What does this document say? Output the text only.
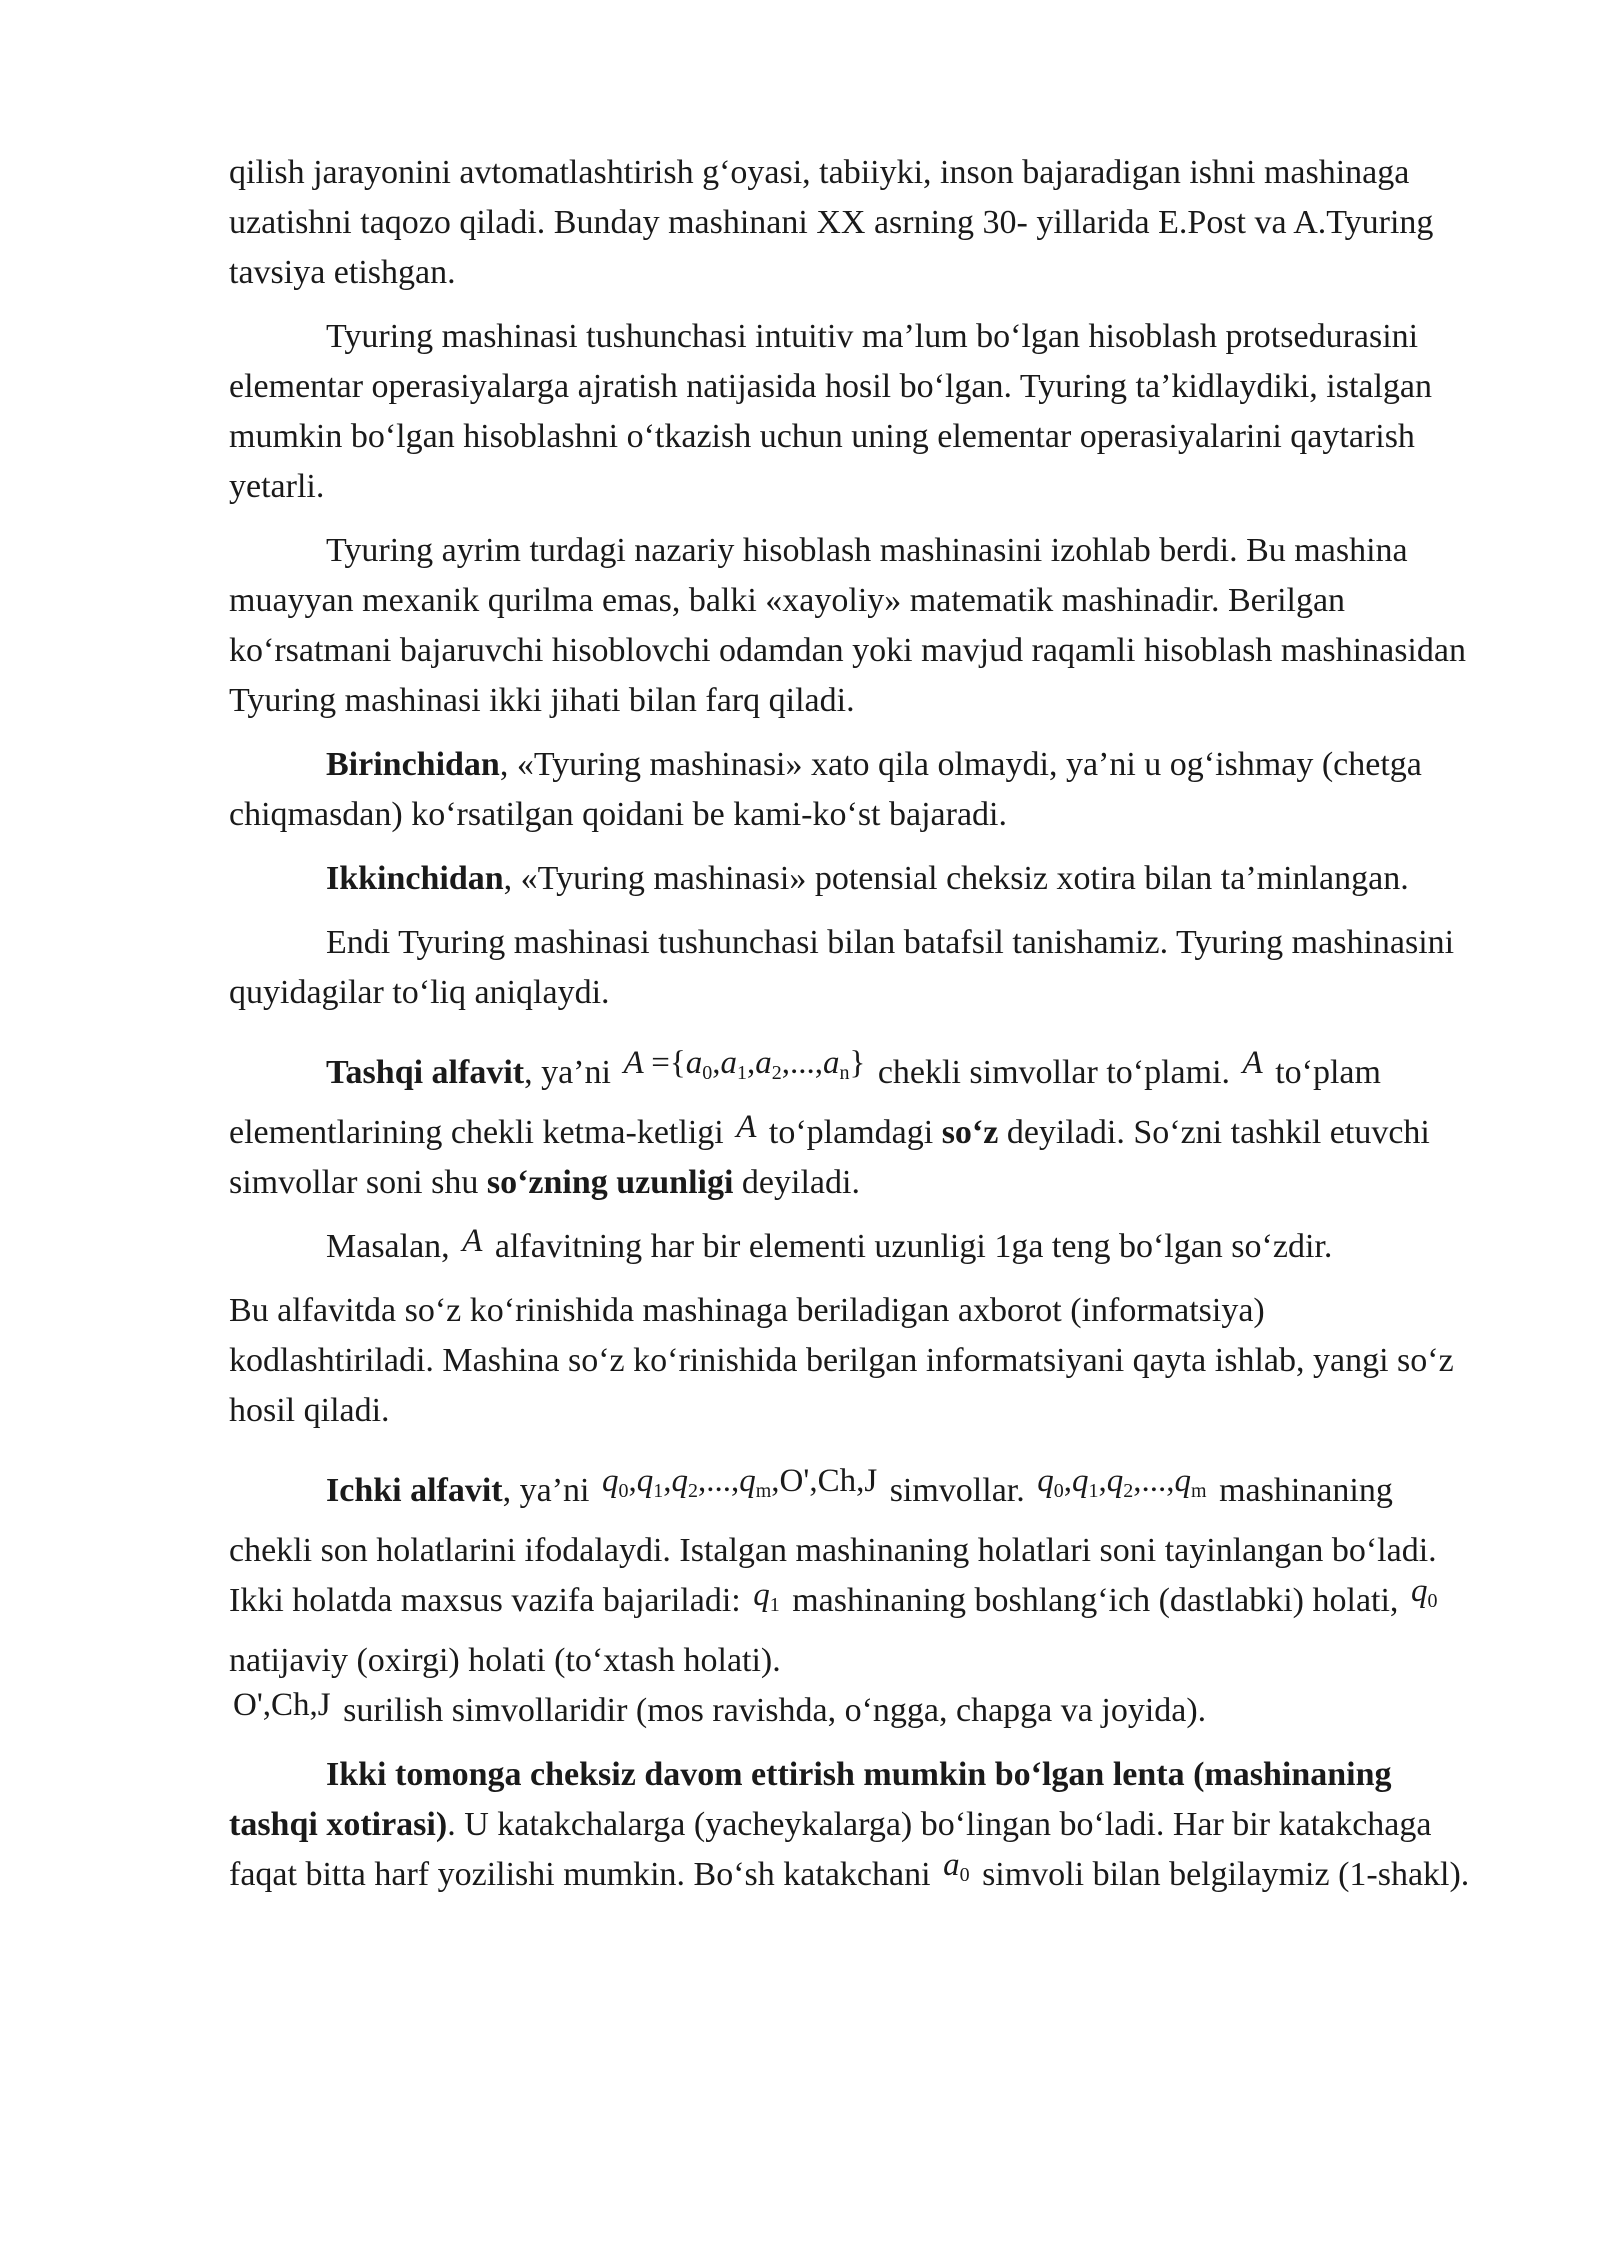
qilish jarayonini avtomatlashtirish g‘oyasi, tabiiyki, inson bajaradigan ishni mashinaga uzatishni taqozo qiladi. Bunday mashinani XX asrning 30- yillarida E.Post va A.Tyuring tavsiya etishgan.

Tyuring mashinasi tushunchasi intuitiv ma’lum bo‘lgan hisoblash protsedurasini elementar operasiyalarga ajratish natijasida hosil bo‘lgan. Tyuring ta’kidlaydiki, istalgan mumkin bo‘lgan hisoblashni o‘tkazish uchun uning elementar operasiyalarini qaytarish yetarli.

Tyuring ayrim turdagi nazariy hisoblash mashinasini izohlab berdi. Bu mashina muayyan mexanik qurilma emas, balki «xayoliy» matematik mashinadir. Berilgan ko‘rsatmani bajaruvchi hisoblovchi odamdan yoki mavjud raqamli hisoblash mashinasidan Tyuring mashinasi ikki jihati bilan farq qiladi.

Birinchidan, «Tyuring mashinasi» xato qila olmaydi, ya’ni u og‘ishmay (chetga chiqmasdan) ko‘rsatilgan qoidani be kami-ko‘st bajaradi.

Ikkinchidan, «Tyuring mashinasi» potensial cheksiz xotira bilan ta’minlangan.

Endi Tyuring mashinasi tushunchasi bilan batafsil tanishamiz. Tyuring mashinasini quyidagilar to‘liq aniqlaydi.

Tashqi alfavit, ya’ni $A =\{a_0,a_1,a_2,...,a_n\}$ chekli simvollar to‘plami. A to‘plam elementlarining chekli ketma-ketligi A to‘plamdagi so‘z deyiladi. So‘zni tashkil etuvchi simvollar soni shu so‘zning uzunligi deyiladi.

Masalan, A alfavitning har bir elementi uzunligi 1ga teng bo‘lgan so‘zdir.

Bu alfavitda so‘z ko‘rinishida mashinaga beriladigan axborot (informatsiya) kodlashtiriladi. Mashina so‘z ko‘rinishida berilgan informatsiyani qayta ishlab, yangi so‘z hosil qiladi.

Ichki alfavit, ya’ni $q_0,q_1,q_2,...,q_m,O',Ch,J$ simvollar. $q_0,q_1,q_2,...,q_m$ mashinaning chekli son holatlarini ifodalaydi. Istalgan mashinaning holatlari soni tayinlangan bo‘ladi. Ikki holatda maxsus vazifa bajariladi: $q_1$ mashinaning boshlang‘ich (dastlabki) holati, $q_0$ natijaviy (oxirgi) holati (to‘xtash holati).
O',Ch,J surilish simvollaridir (mos ravishda, o‘ngga, chapga va joyida).

Ikki tomonga cheksiz davom ettirish mumkin bo‘lgan lenta (mashinaning tashqi xotirasi). U katakchalarga (yacheykalarga) bo‘lingan bo‘ladi. Har bir katakchaga faqat bitta harf yozilishi mumkin. Bo‘sh katakchani $a_0$ simvoli bilan belgilaymiz (1-shakl).
